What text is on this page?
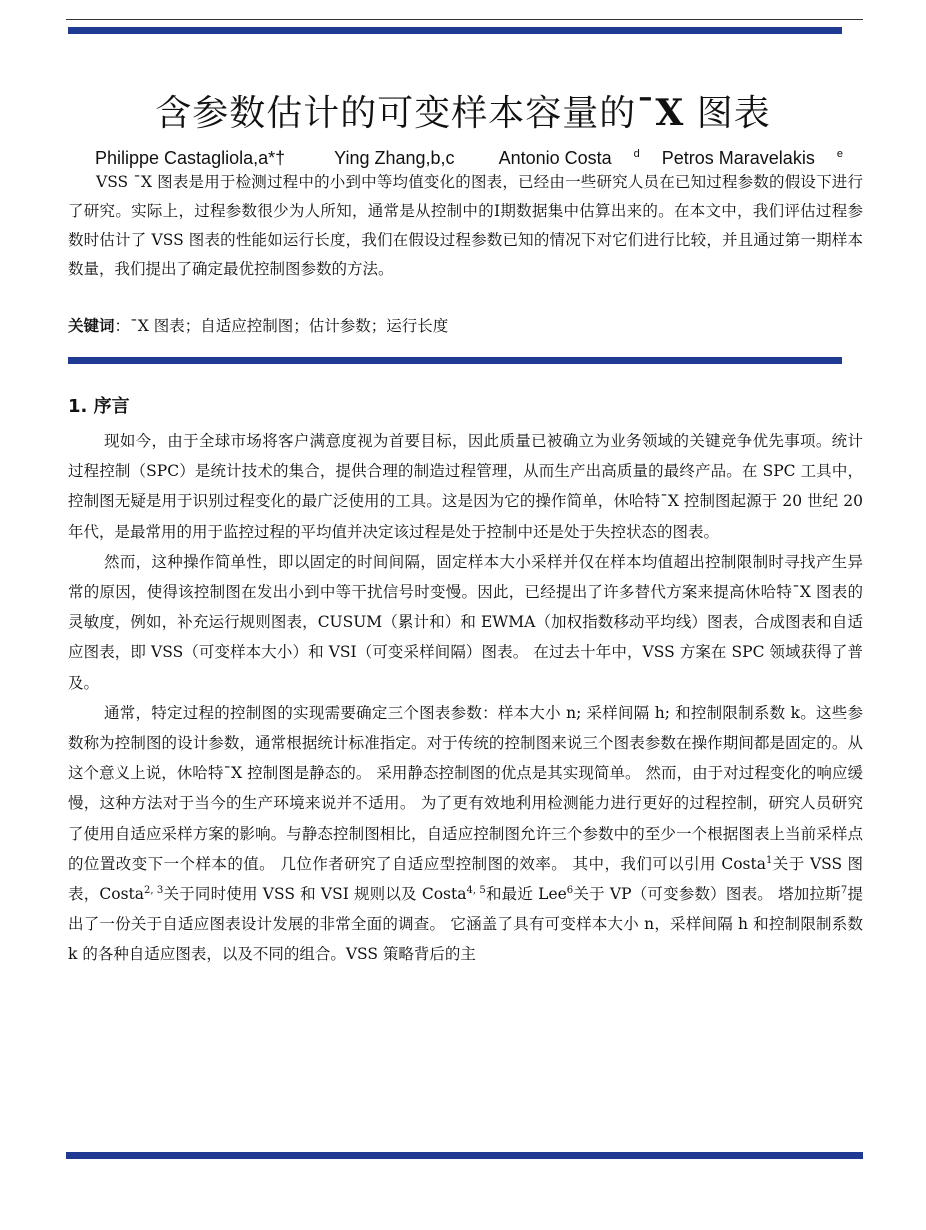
含参数估计的可变样本容量的¯X 图表
Philippe Castagliola,a*† Ying Zhang,b,c Antonio Costa $^d$ Petros Maravelakis $^e$

VSS ¯X 图表是用于检测过程中的小到中等均值变化的图表，已经由一些研究人员在已知过程参数的假设下进行了研究。实际上，过程参数很少为人所知，通常是从控制中的Ⅰ期数据集中估算出来的。在本文中，我们评估过程参数时估计了 VSS 图表的性能如运行长度，我们在假设过程参数已知的情况下对它们进行比较，并且通过第一期样本数量，我们提出了确定最优控制图参数的方法。

关键词：¯X 图表；自适应控制图；估计参数；运行长度
1. 序言

现如今，由于全球市场将客户满意度视为首要目标，因此质量已被确立为业务领域的关键竞争优先事项。统计过程控制（SPC）是统计技术的集合，提供合理的制造过程管理，从而生产出高质量的最终产品。在 SPC 工具中，控制图无疑是用于识别过程变化的最广泛使用的工具。这是因为它的操作简单，休哈特¯X 控制图起源于 20 世纪 20 年代，是最常用的用于监控过程的平均值并决定该过程是处于控制中还是处于失控状态的图表。

然而，这种操作简单性，即以固定的时间间隔，固定样本大小采样并仅在样本均值超出控制限制时寻找产生异常的原因，使得该控制图在发出小到中等干扰信号时变慢。因此，已经提出了许多替代方案来提高休哈特¯X 图表的灵敏度，例如，补充运行规则图表，CUSUM（累计和）和 EWMA（加权指数移动平均线）图表，合成图表和自适应图表，即 VSS（可变样本大小）和 VSI（可变采样间隔）图表。 在过去十年中，VSS 方案在 SPC 领域获得了普及。

通常，特定过程的控制图的实现需要确定三个图表参数：样本大小 n; 采样间隔 h; 和控制限制系数 k。这些参数称为控制图的设计参数，通常根据统计标准指定。对于传统的控制图来说三个图表参数在操作期间都是固定的。从这个意义上说，休哈特¯X 控制图是静态的。 采用静态控制图的优点是其实现简单。 然而，由于对过程变化的响应缓慢，这种方法对于当今的生产环境来说并不适用。 为了更有效地利用检测能力进行更好的过程控制，研究人员研究了使用自适应采样方案的影响。与静态控制图相比，自适应控制图允许三个参数中的至少一个根据图表上当前采样点的位置改变下一个样本的值。 几位作者研究了自适应型控制图的效率。 其中，我们可以引用 Costa$^1$关于 VSS 图表，Costa$^{2, 3}$关于同时使用 VSS 和 VSI 规则以及 Costa$^{4, 5}$和最近 Lee$^6$关于 VP（可变参数）图表。 塔加拉斯$^7$提出了一份关于自适应图表设计发展的非常全面的调查。 它涵盖了具有可变样本大小 n，采样间隔 h 和控制限制系数 k 的各种自适应图表，以及不同的组合。VSS 策略背后的主
